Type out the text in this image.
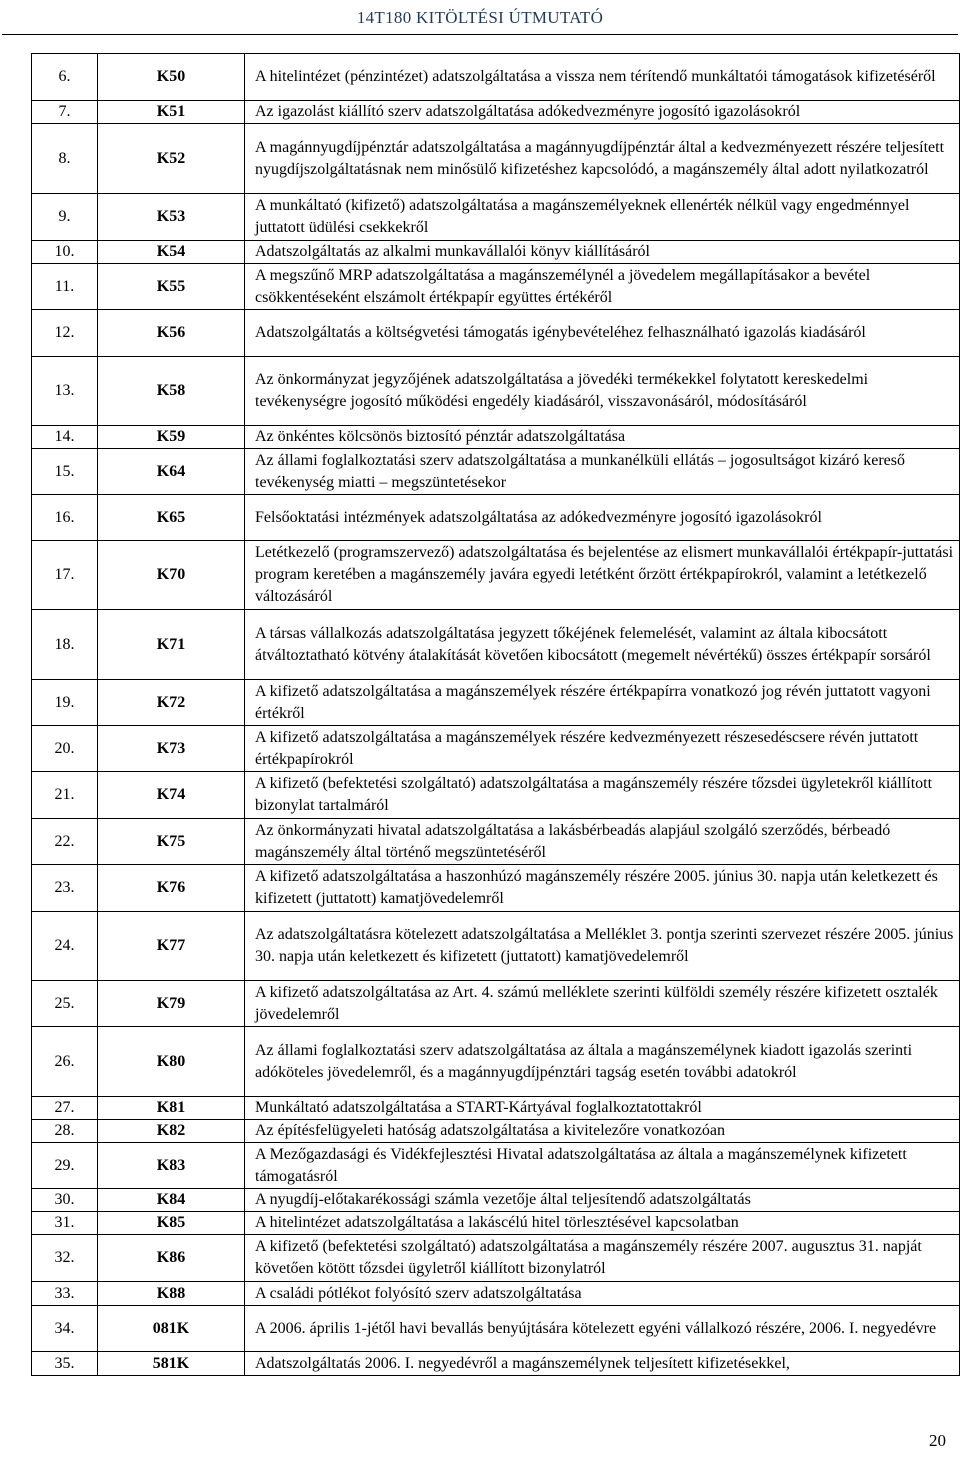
14T180 KITÖLTÉSI ÚTMUTATÓ
6.	K50	A hitelintézet (pénzintézet) adatszolgáltatása a vissza nem térítendő munkáltatói támogatások kifizetéséről
7.	K51	Az igazolást kiállító szerv adatszolgáltatása adókedvezményre jogosító igazolásokról
8.	K52	A magánnyugdíjpénztár adatszolgáltatása a magánnyugdíjpénztár által a kedvezményezett részére teljesített nyugdíjszolgáltatásnak nem minősülő kifizetéshez kapcsolódó, a magánszemély által adott nyilatkozatról
9.	K53	A munkáltató (kifizető) adatszolgáltatása a magánszemélyeknek ellenérték nélkül vagy engedménnyel juttatott üdülési csekkekről
10.	K54	Adatszolgáltatás az alkalmi munkavállalói könyv kiállításáról
11.	K55	A megszűnő MRP adatszolgáltatása a magánszemélynél a jövedelem megállapításakor a bevétel csökkentéseként elszámolt értékpapír együttes értékéről
12.	K56	Adatszolgáltatás a költségvetési támogatás igénybevételéhez felhasználható igazolás kiadásáról
13.	K58	Az önkormányzat jegyzőjének adatszolgáltatása a jövedéki termékekkel folytatott kereskedelmi tevékenységre jogosító működési engedély kiadásáról, visszavonásáról, módosításáról
14.	K59	Az önkéntes kölcsönös biztosító pénztár adatszolgáltatása
15.	K64	Az állami foglalkoztatási szerv adatszolgáltatása a munkanélküli ellátás – jogosultságot kizáró kereső tevékenység miatti – megszüntetésekor
16.	K65	Felsőoktatási intézmények adatszolgáltatása az adókedvezményre jogosító igazolásokról
17.	K70	Letétkezelő (programszervező) adatszolgáltatása és bejelentése az elismert munkavállalói értékpapír-juttatási program keretében a magánszemély javára egyedi letétként őrzött értékpapírokról, valamint a letétkezelő változásáról
18.	K71	A társas vállalkozás adatszolgáltatása jegyzett tőkéjének felemelését, valamint az általa kibocsátott átváltoztatható kötvény átalakítását követően kibocsátott (megemelt névértékű) összes értékpapír sorsáról
19.	K72	A kifizető adatszolgáltatása a magánszemélyek részére értékpapírra vonatkozó jog révén juttatott vagyoni értékről
20.	K73	A kifizető adatszolgáltatása a magánszemélyek részére kedvezményezett részesedéscsere révén juttatott értékpapírokról
21.	K74	A kifizető (befektetési szolgáltató) adatszolgáltatása a magánszemély részére tőzsdei ügyletekről kiállított bizonylat tartalmáról
22.	K75	Az önkormányzati hivatal adatszolgáltatása a lakásbérbeadás alapjául szolgáló szerződés, bérbeadó magánszemély által történő megszüntetéséről
23.	K76	A kifizető adatszolgáltatása a haszonhúzó magánszemély részére 2005. június 30. napja után keletkezett és kifizetett (juttatott) kamatjövedelemről
24.	K77	Az adatszolgáltatásra kötelezett adatszolgáltatása a Melléklet 3. pontja szerinti szervezet részére 2005. június 30. napja után keletkezett és kifizetett (juttatott) kamatjövedelemről
25.	K79	A kifizető adatszolgáltatása az Art. 4. számú melléklete szerinti külföldi személy részére kifizetett osztalék jövedelemről
26.	K80	Az állami foglalkoztatási szerv adatszolgáltatása az általa a magánszemélynek kiadott igazolás szerinti adóköteles jövedelemről, és a magánnyugdíjpénztári tagság esetén további adatokról
27.	K81	Munkáltató adatszolgáltatása a START-Kártyával foglalkoztatottakról
28.	K82	Az építésfelügyeleti hatóság adatszolgáltatása a kivitelezőre vonatkozóan
29.	K83	A Mezőgazdasági és Vidékfejlesztési Hivatal adatszolgáltatása az általa a magánszemélynek kifizetett támogatásról
30.	K84	A nyugdíj-előtakarékossági számla vezetője által teljesítendő adatszolgáltatás
31.	K85	A hitelintézet adatszolgáltatása a lakáscélú hitel törlesztésével kapcsolatban
32.	K86	A kifizető (befektetési szolgáltató) adatszolgáltatása a magánszemély részére 2007. augusztus 31. napját követően kötött tőzsdei ügyletről kiállított bizonylatról
33.	K88	A családi pótlékot folyósító szerv adatszolgáltatása
34.	081K	A 2006. április 1-jétől havi bevallás benyújtására kötelezett egyéni vállalkozó részére, 2006. I. negyedévre
35.	581K	Adatszolgáltatás 2006. I. negyedévről a magánszemélynek teljesített kifizetésekkel,
20
